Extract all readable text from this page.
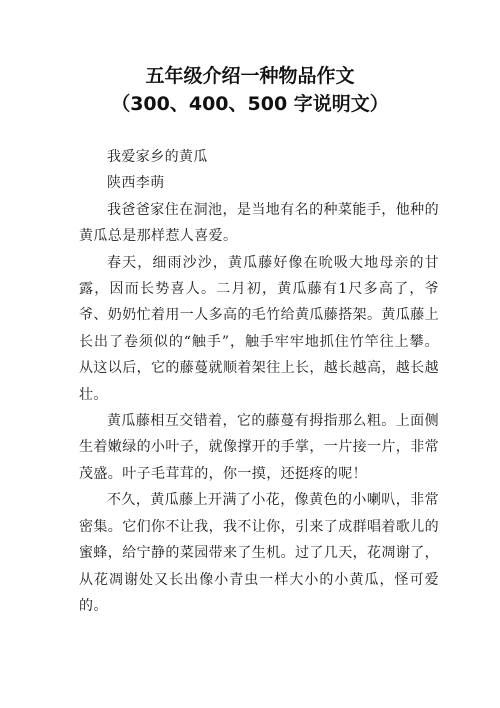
五年级介绍一种物品作文
（300、400、500 字说明文）

我爱家乡的黄瓜

陕西李萌

我爸爸家住在洞池，是当地有名的种菜能手，他种的黄瓜总是那样惹人喜爱。

春天，细雨沙沙，黄瓜藤好像在吮吸大地母亲的甘露，因而长势喜人。二月初，黄瓜藤有1尺多高了，爷爷、奶奶忙着用一人多高的毛竹给黄瓜藤搭架。黄瓜藤上长出了卷须似的“触手”，触手牢牢地抓住竹竿往上攀。从这以后，它的藤蔓就顺着架往上长，越长越高，越长越壮。

黄瓜藤相互交错着，它的藤蔓有拇指那么粗。上面侧生着嫩绿的小叶子，就像撑开的手掌，一片接一片，非常茂盛。叶子毛茸茸的，你一摸，还挺疼的呢！

不久，黄瓜藤上开满了小花，像黄色的小喇叭，非常密集。它们你不让我，我不让你，引来了成群唱着歌儿的蜜蜂，给宁静的菜园带来了生机。过了几天，花凋谢了，从花凋谢处又长出像小青虫一样大小的小黄瓜，怪可爱的。
